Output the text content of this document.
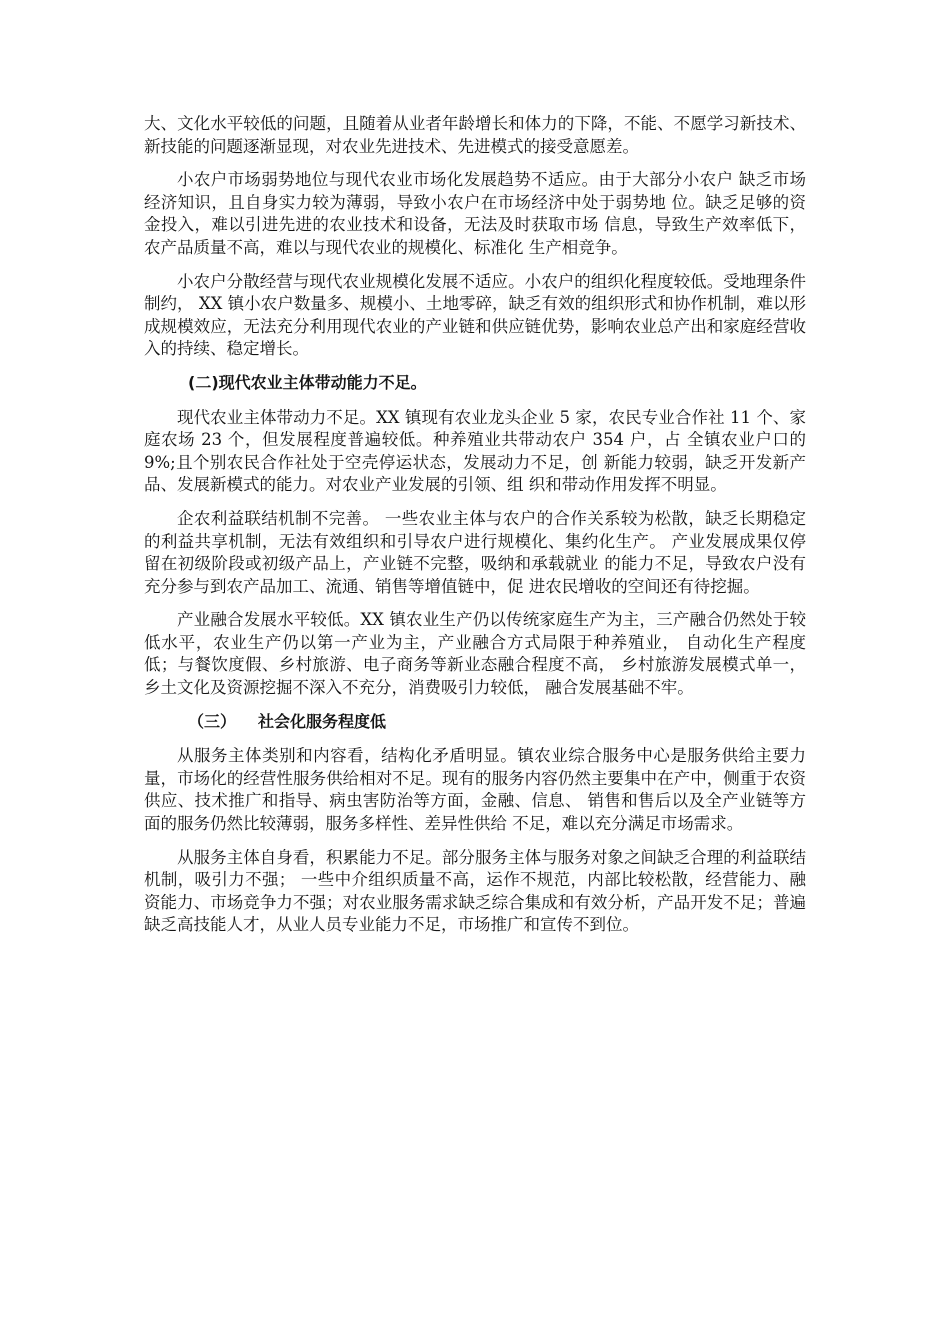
大、文化水平较低的问题，且随着从业者年龄增长和体力的下降，不能、不愿学习新技术、新技能的问题逐渐显现，对农业先进技术、先进模式的接受意愿差。

小农户市场弱势地位与现代农业市场化发展趋势不适应。由于大部分小农户 缺乏市场经济知识，且自身实力较为薄弱，导致小农户在市场经济中处于弱势地 位。缺乏足够的资金投入，难以引进先进的农业技术和设备，无法及时获取市场 信息，导致生产效率低下，农产品质量不高，难以与现代农业的规模化、标准化 生产相竞争。

小农户分散经营与现代农业规模化发展不适应。小农户的组织化程度较低。受地理条件制约， XX 镇小农户数量多、规模小、土地零碎，缺乏有效的组织形式和协作机制，难以形成规模效应，无法充分利用现代农业的产业链和供应链优势，影响农业总产出和家庭经营收入的持续、稳定增长。

(二)现代农业主体带动能力不足。

现代农业主体带动力不足。XX 镇现有农业龙头企业 5 家，农民专业合作社 11 个、家庭农场 23 个，但发展程度普遍较低。种养殖业共带动农户 354 户，占 全镇农业户口的 9%;且个别农民合作社处于空壳停运状态，发展动力不足，创 新能力较弱，缺乏开发新产品、发展新模式的能力。对农业产业发展的引领、组 织和带动作用发挥不明显。

企农利益联结机制不完善。 一些农业主体与农户的合作关系较为松散，缺乏长期稳定的利益共享机制，无法有效组织和引导农户进行规模化、集约化生产。 产业发展成果仅停留在初级阶段或初级产品上，产业链不完整，吸纳和承载就业 的能力不足，导致农户没有充分参与到农产品加工、流通、销售等增值链中，促 进农民增收的空间还有待挖掘。

产业融合发展水平较低。XX 镇农业生产仍以传统家庭生产为主，三产融合仍然处于较低水平，农业生产仍以第一产业为主，产业融合方式局限于种养殖业， 自动化生产程度低；与餐饮度假、乡村旅游、电子商务等新业态融合程度不高， 乡村旅游发展模式单一，乡土文化及资源挖掘不深入不充分，消费吸引力较低， 融合发展基础不牢。

（三） 社会化服务程度低

从服务主体类别和内容看，结构化矛盾明显。镇农业综合服务中心是服务供给主要力量，市场化的经营性服务供给相对不足。现有的服务内容仍然主要集中在产中，侧重于农资供应、技术推广和指导、病虫害防治等方面，金融、信息、 销售和售后以及全产业链等方面的服务仍然比较薄弱，服务多样性、差异性供给 不足，难以充分满足市场需求。

从服务主体自身看，积累能力不足。部分服务主体与服务对象之间缺乏合理的利益联结机制，吸引力不强； 一些中介组织质量不高，运作不规范，内部比较松散，经营能力、融资能力、市场竞争力不强；对农业服务需求缺乏综合集成和有效分析，产品开发不足；普遍缺乏高技能人才，从业人员专业能力不足，市场推广和宣传不到位。
